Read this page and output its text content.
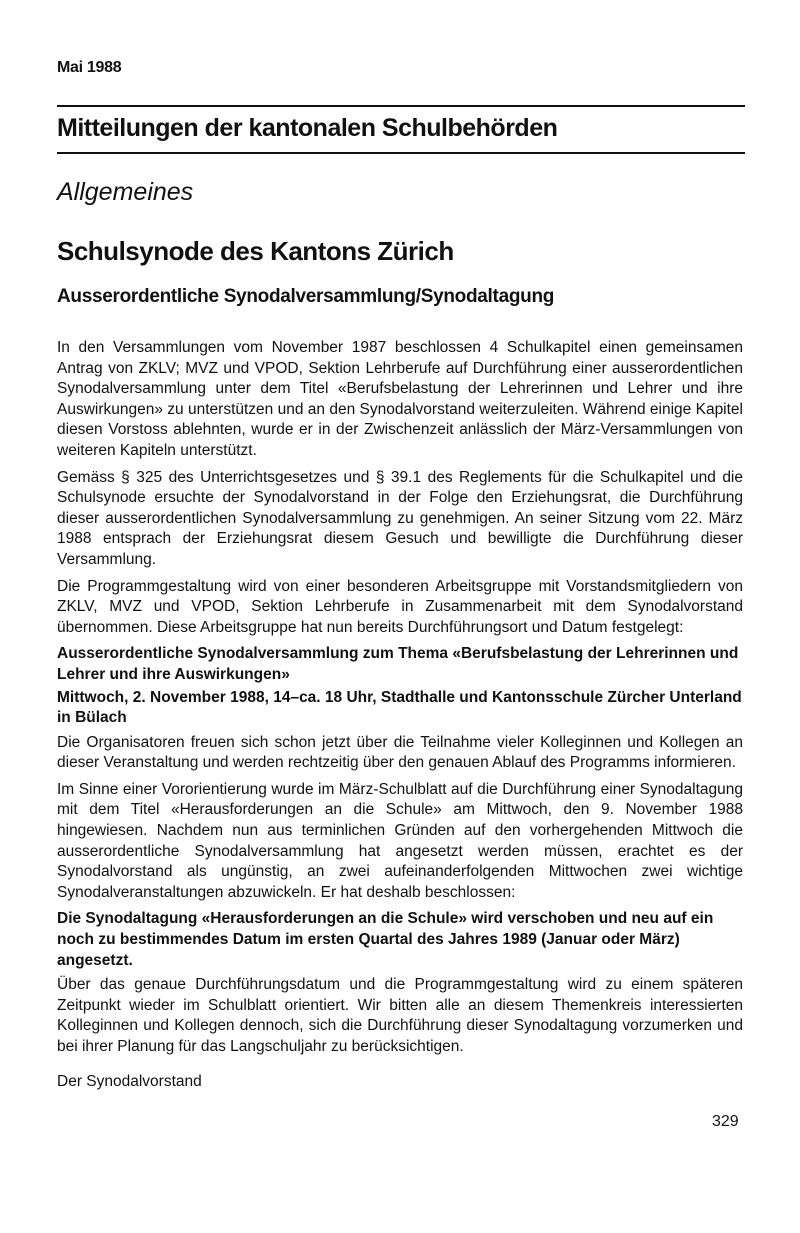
Mai 1988
Mitteilungen der kantonalen Schulbehörden
Allgemeines
Schulsynode des Kantons Zürich
Ausserordentliche Synodalversammlung/Synodaltagung

In den Versammlungen vom November 1987 beschlossen 4 Schulkapitel einen gemeinsamen Antrag von ZKLV; MVZ und VPOD, Sektion Lehrberufe auf Durchführung einer ausserordentlichen Synodalversammlung unter dem Titel «Berufsbelastung der Lehrerinnen und Lehrer und ihre Auswirkungen» zu unterstützen und an den Synodalvorstand weiterzuleiten. Während einige Kapitel diesen Vorstoss ablehnten, wurde er in der Zwischenzeit anlässlich der März-Versammlungen von weiteren Kapiteln unterstützt.

Gemäss § 325 des Unterrichtsgesetzes und § 39.1 des Reglements für die Schulkapitel und die Schulsynode ersuchte der Synodalvorstand in der Folge den Erziehungsrat, die Durchführung dieser ausserordentlichen Synodalversammlung zu genehmigen. An seiner Sitzung vom 22. März 1988 entsprach der Erziehungsrat diesem Gesuch und bewilligte die Durchführung dieser Versammlung.

Die Programmgestaltung wird von einer besonderen Arbeitsgruppe mit Vorstandsmitgliedern von ZKLV, MVZ und VPOD, Sektion Lehrberufe in Zusammenarbeit mit dem Synodalvorstand übernommen. Diese Arbeitsgruppe hat nun bereits Durchführungsort und Datum festgelegt:

Ausserordentliche Synodalversammlung zum Thema «Berufsbelastung der Lehrerinnen und Lehrer und ihre Auswirkungen»

Mittwoch, 2. November 1988, 14–ca. 18 Uhr, Stadthalle und Kantonsschule Zürcher Unterland in Bülach

Die Organisatoren freuen sich schon jetzt über die Teilnahme vieler Kolleginnen und Kollegen an dieser Veranstaltung und werden rechtzeitig über den genauen Ablauf des Programms informieren.

Im Sinne einer Vororientierung wurde im März-Schulblatt auf die Durchführung einer Synodaltagung mit dem Titel «Herausforderungen an die Schule» am Mittwoch, den 9. November 1988 hingewiesen. Nachdem nun aus terminlichen Gründen auf den vorhergehenden Mittwoch die ausserordentliche Synodalversammlung hat angesetzt werden müssen, erachtet es der Synodalvorstand als ungünstig, an zwei aufeinanderfolgenden Mittwochen zwei wichtige Synodalveranstaltungen abzuwickeln. Er hat deshalb beschlossen:

Die Synodaltagung «Herausforderungen an die Schule» wird verschoben und neu auf ein noch zu bestimmendes Datum im ersten Quartal des Jahres 1989 (Januar oder März) angesetzt.

Über das genaue Durchführungsdatum und die Programmgestaltung wird zu einem späteren Zeitpunkt wieder im Schulblatt orientiert. Wir bitten alle an diesem Themenkreis interessierten Kolleginnen und Kollegen dennoch, sich die Durchführung dieser Synodaltagung vorzumerken und bei ihrer Planung für das Langschuljahr zu berücksichtigen.

Der Synodalvorstand

329
